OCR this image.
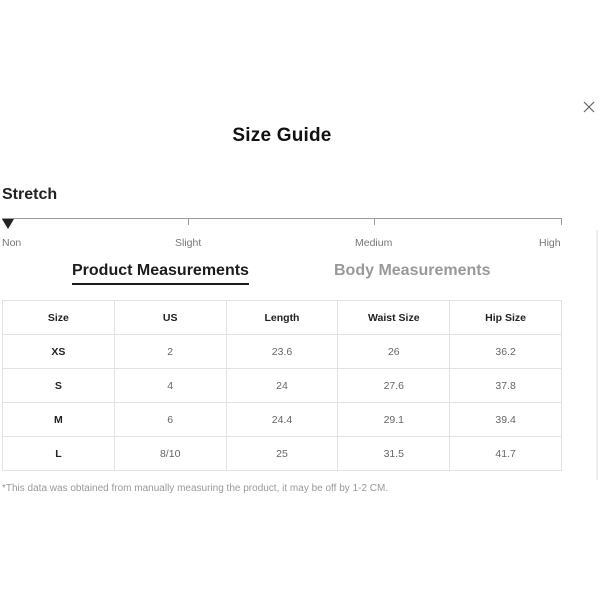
Size Guide
Stretch
Non	Slight	Medium	High
Product Measurements	Body Measurements
Size	US	Length	Waist Size	Hip Size
XS	2	23.6	26	36.2
S	4	24	27.6	37.8
M	6	24.4	29.1	39.4
L	8/10	25	31.5	41.7
*This data was obtained from manually measuring the product, it may be off by 1-2 CM.
